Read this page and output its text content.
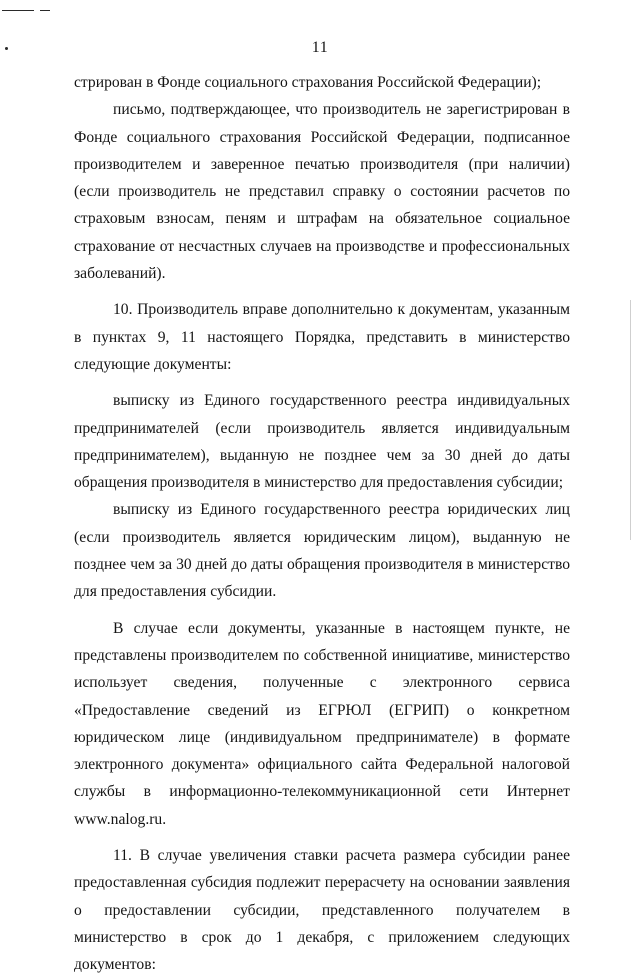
11

стрирован в Фонде социального страхования Российской Федерации);

письмо, подтверждающее, что производитель не зарегистрирован в Фонде социального страхования Российской Федерации, подписанное производителем и заверенное печатью производителя (при наличии) (если производитель не представил справку о состоянии расчетов по страховым взносам, пеням и штрафам на обязательное социальное страхование от несчастных случаев на производстве и профессиональных заболеваний).

10. Производитель вправе дополнительно к документам, указанным в пунктах 9, 11 настоящего Порядка, представить в министерство следующие документы:

выписку из Единого государственного реестра индивидуальных предпринимателей (если производитель является индивидуальным предпринимателем), выданную не позднее чем за 30 дней до даты обращения производителя в министерство для предоставления субсидии;

выписку из Единого государственного реестра юридических лиц (если производитель является юридическим лицом), выданную не позднее чем за 30 дней до даты обращения производителя в министерство для предоставления субсидии.

В случае если документы, указанные в настоящем пункте, не представлены производителем по собственной инициативе, министерство использует сведения, полученные с электронного сервиса «Предоставление сведений из ЕГРЮЛ (ЕГРИП) о конкретном юридическом лице (индивидуальном предпринимателе) в формате электронного документа» официального сайта Федеральной налоговой службы в информационно-телекоммуникационной сети Интернет www.nalog.ru.

11. В случае увеличения ставки расчета размера субсидии ранее предоставленная субсидия подлежит перерасчету на основании заявления о предоставлении субсидии, представленного получателем в министерство в срок до 1 декабря, с приложением следующих документов:
